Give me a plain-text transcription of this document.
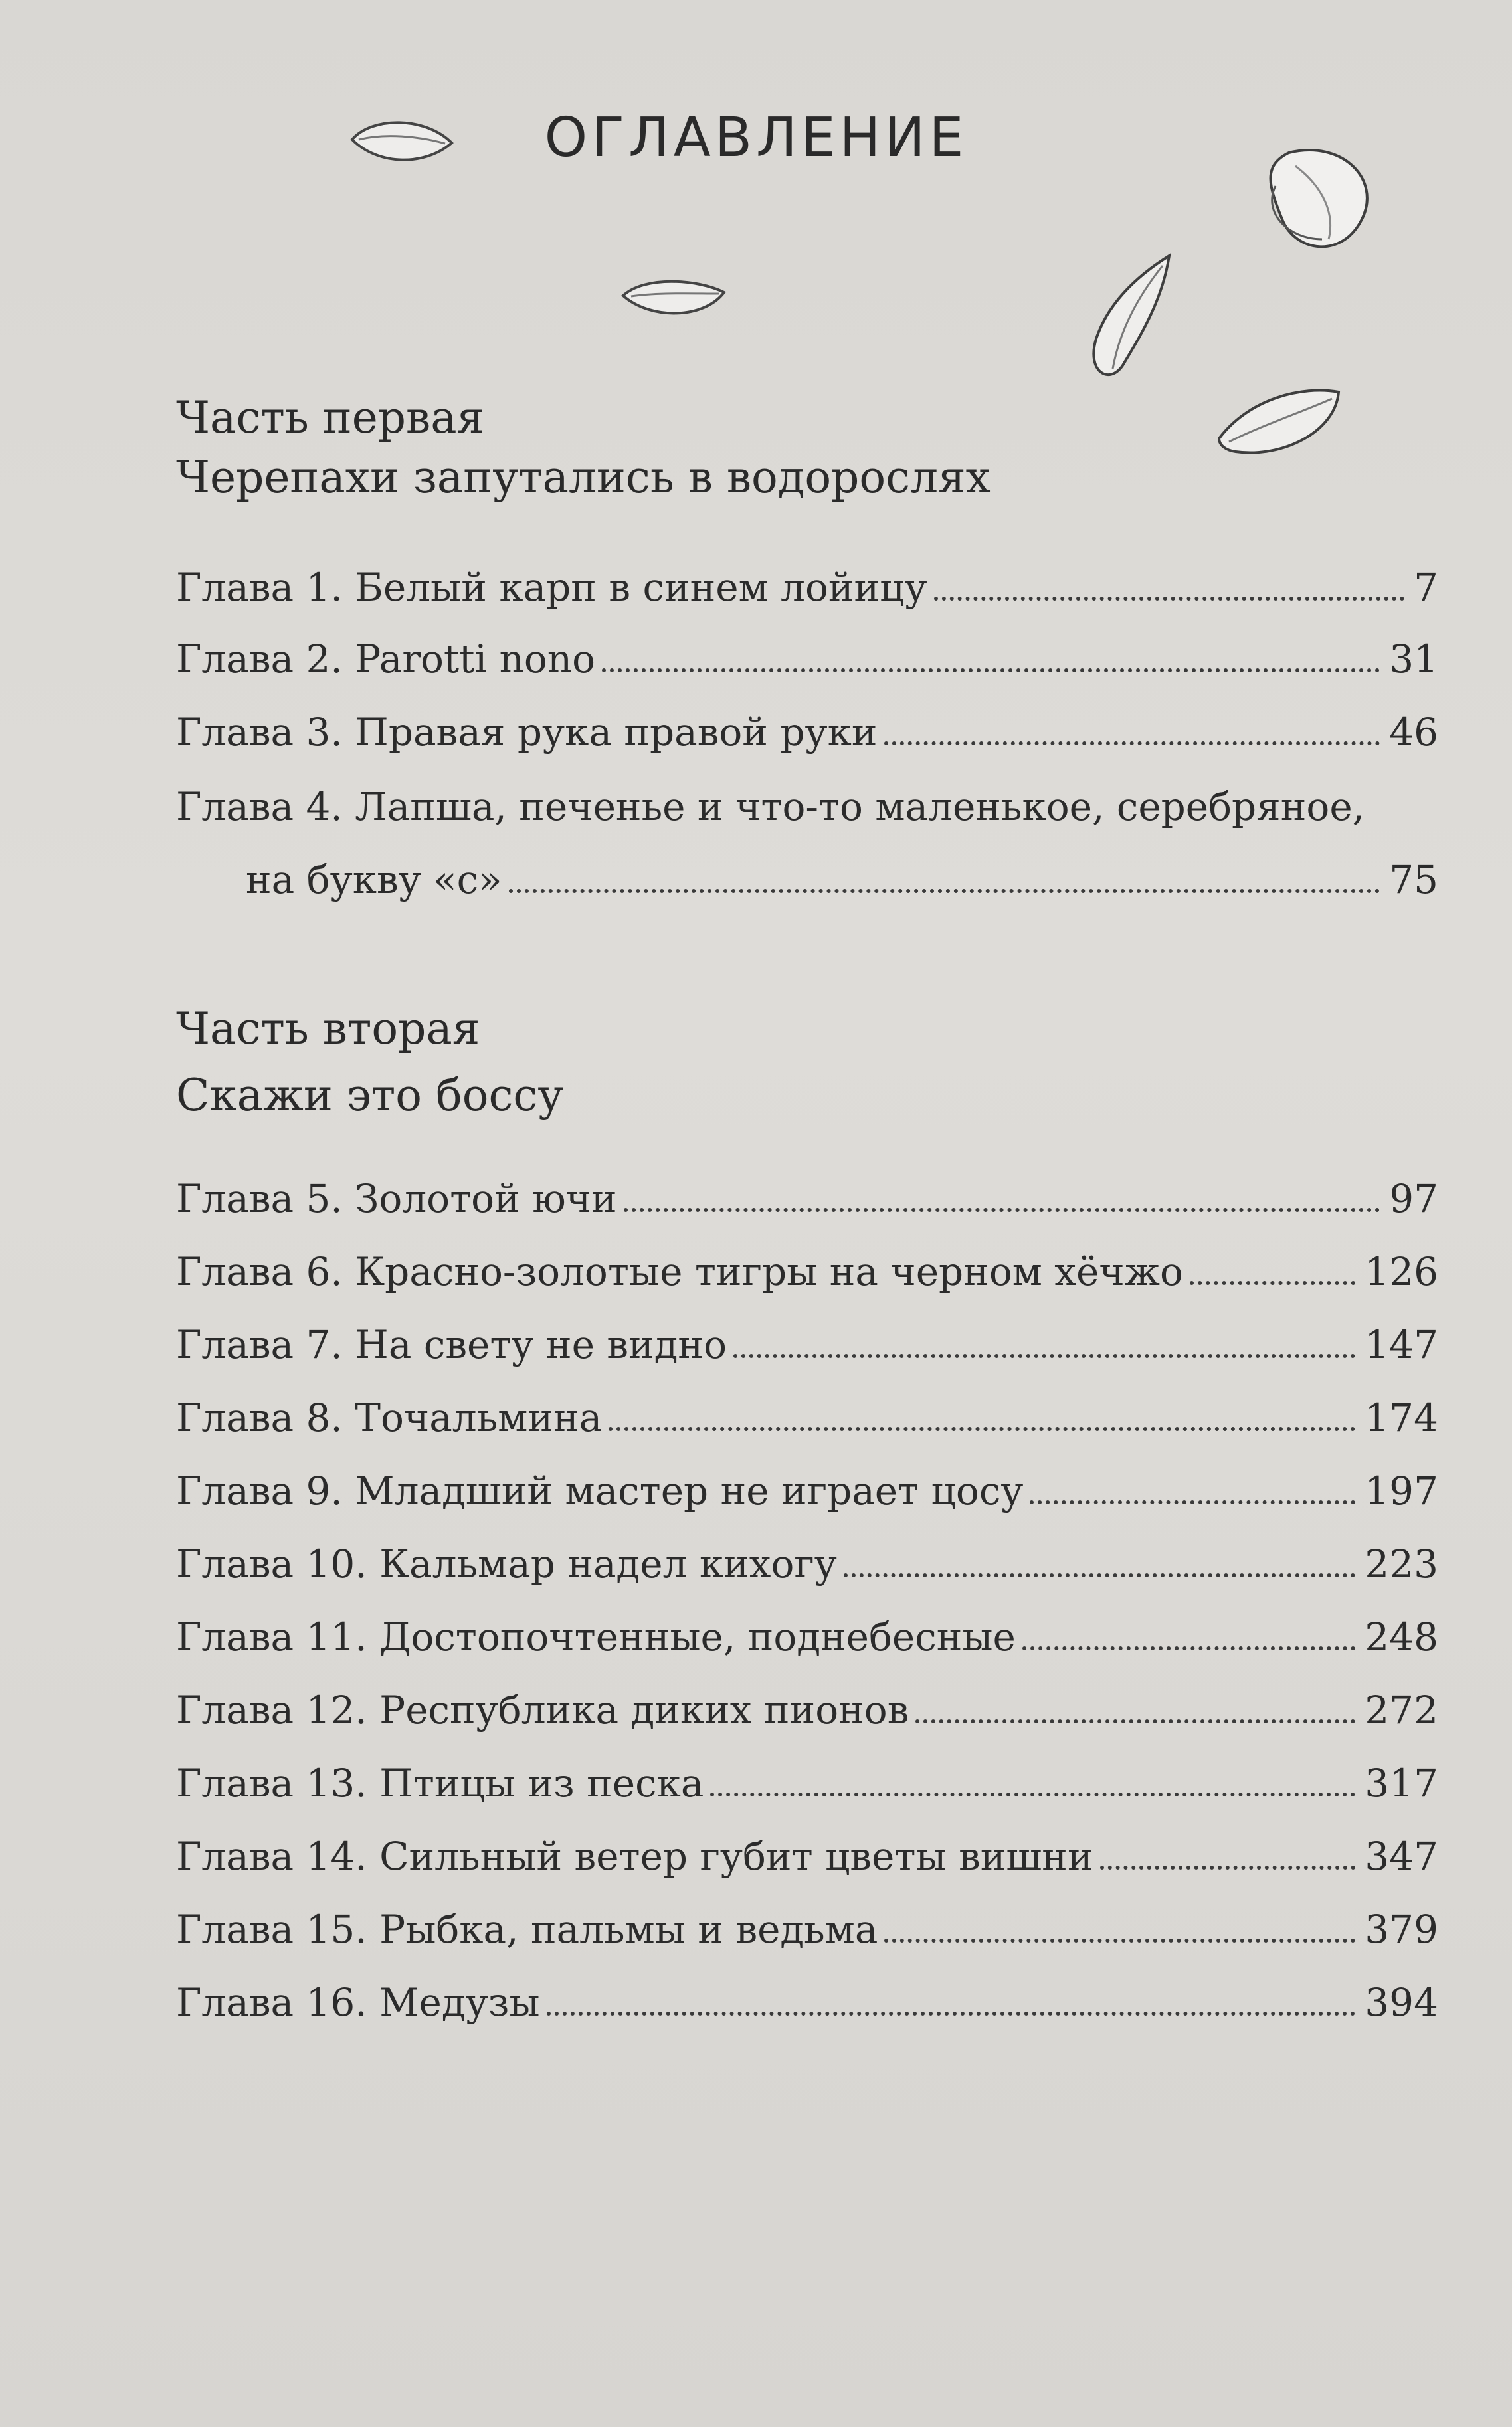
ОГЛАВЛЕНИЕ
Часть первая
Черепахи запутались в водорослях
Глава 1. Белый карп в синем лойицу	7
Глава 2. Parotti nono	31
Глава 3. Правая рука правой руки	46
Глава 4. Лапша, печенье и что-то маленькое, серебряное,
на букву «с»	75
Часть вторая
Скажи это боссу
Глава 5. Золотой ючи	97
Глава 6. Красно-золотые тигры на черном хёчжо	126
Глава 7. На свету не видно	147
Глава 8. Точальмина	174
Глава 9. Младший мастер не играет цосу	197
Глава 10. Кальмар надел кихогу	223
Глава 11. Достопочтенные, поднебесные	248
Глава 12. Республика диких пионов	272
Глава 13. Птицы из песка	317
Глава 14. Сильный ветер губит цветы вишни	347
Глава 15. Рыбка, пальмы и ведьма	379
Глава 16. Медузы	394
